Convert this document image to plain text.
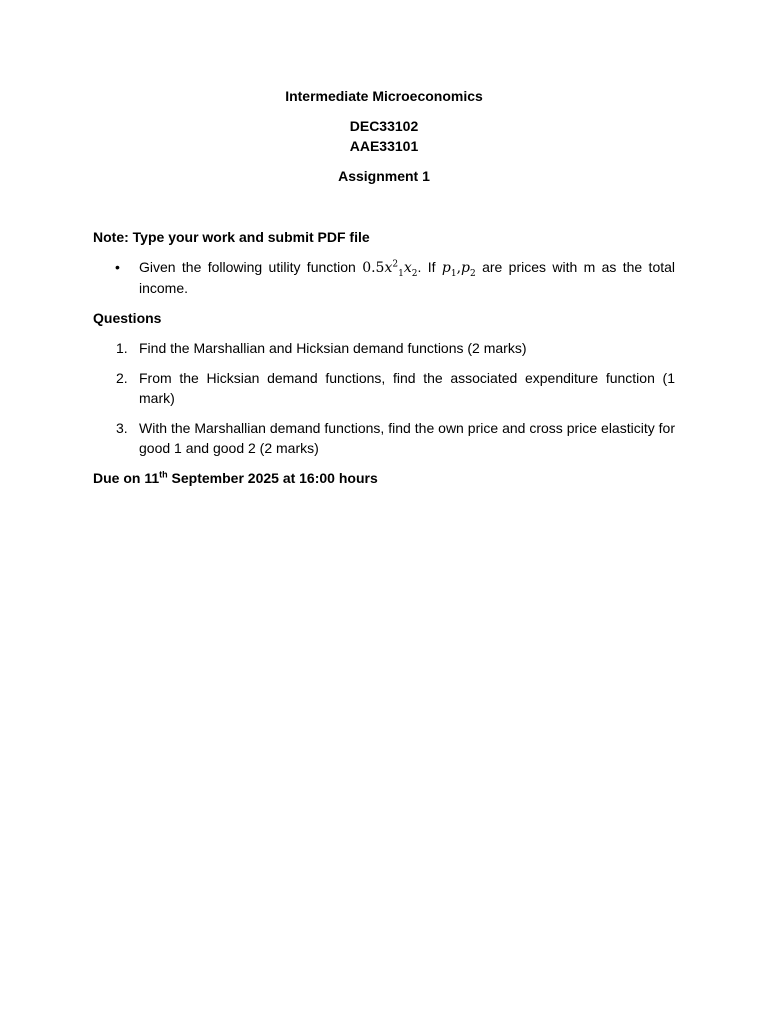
Intermediate Microeconomics

DEC33102

AAE33101

Assignment 1

Note: Type your work and submit PDF file

• Given the following utility function $0.5x^2_1x_2$. If $p_1,p_2$ are prices with m as the total income.

Questions

1. Find the Marshallian and Hicksian demand functions (2 marks)
2. From the Hicksian demand functions, find the associated expenditure function (1 mark)
3. With the Marshallian demand functions, find the own price and cross price elasticity for good 1 and good 2 (2 marks)

Due on 11th September 2025 at 16:00 hours
